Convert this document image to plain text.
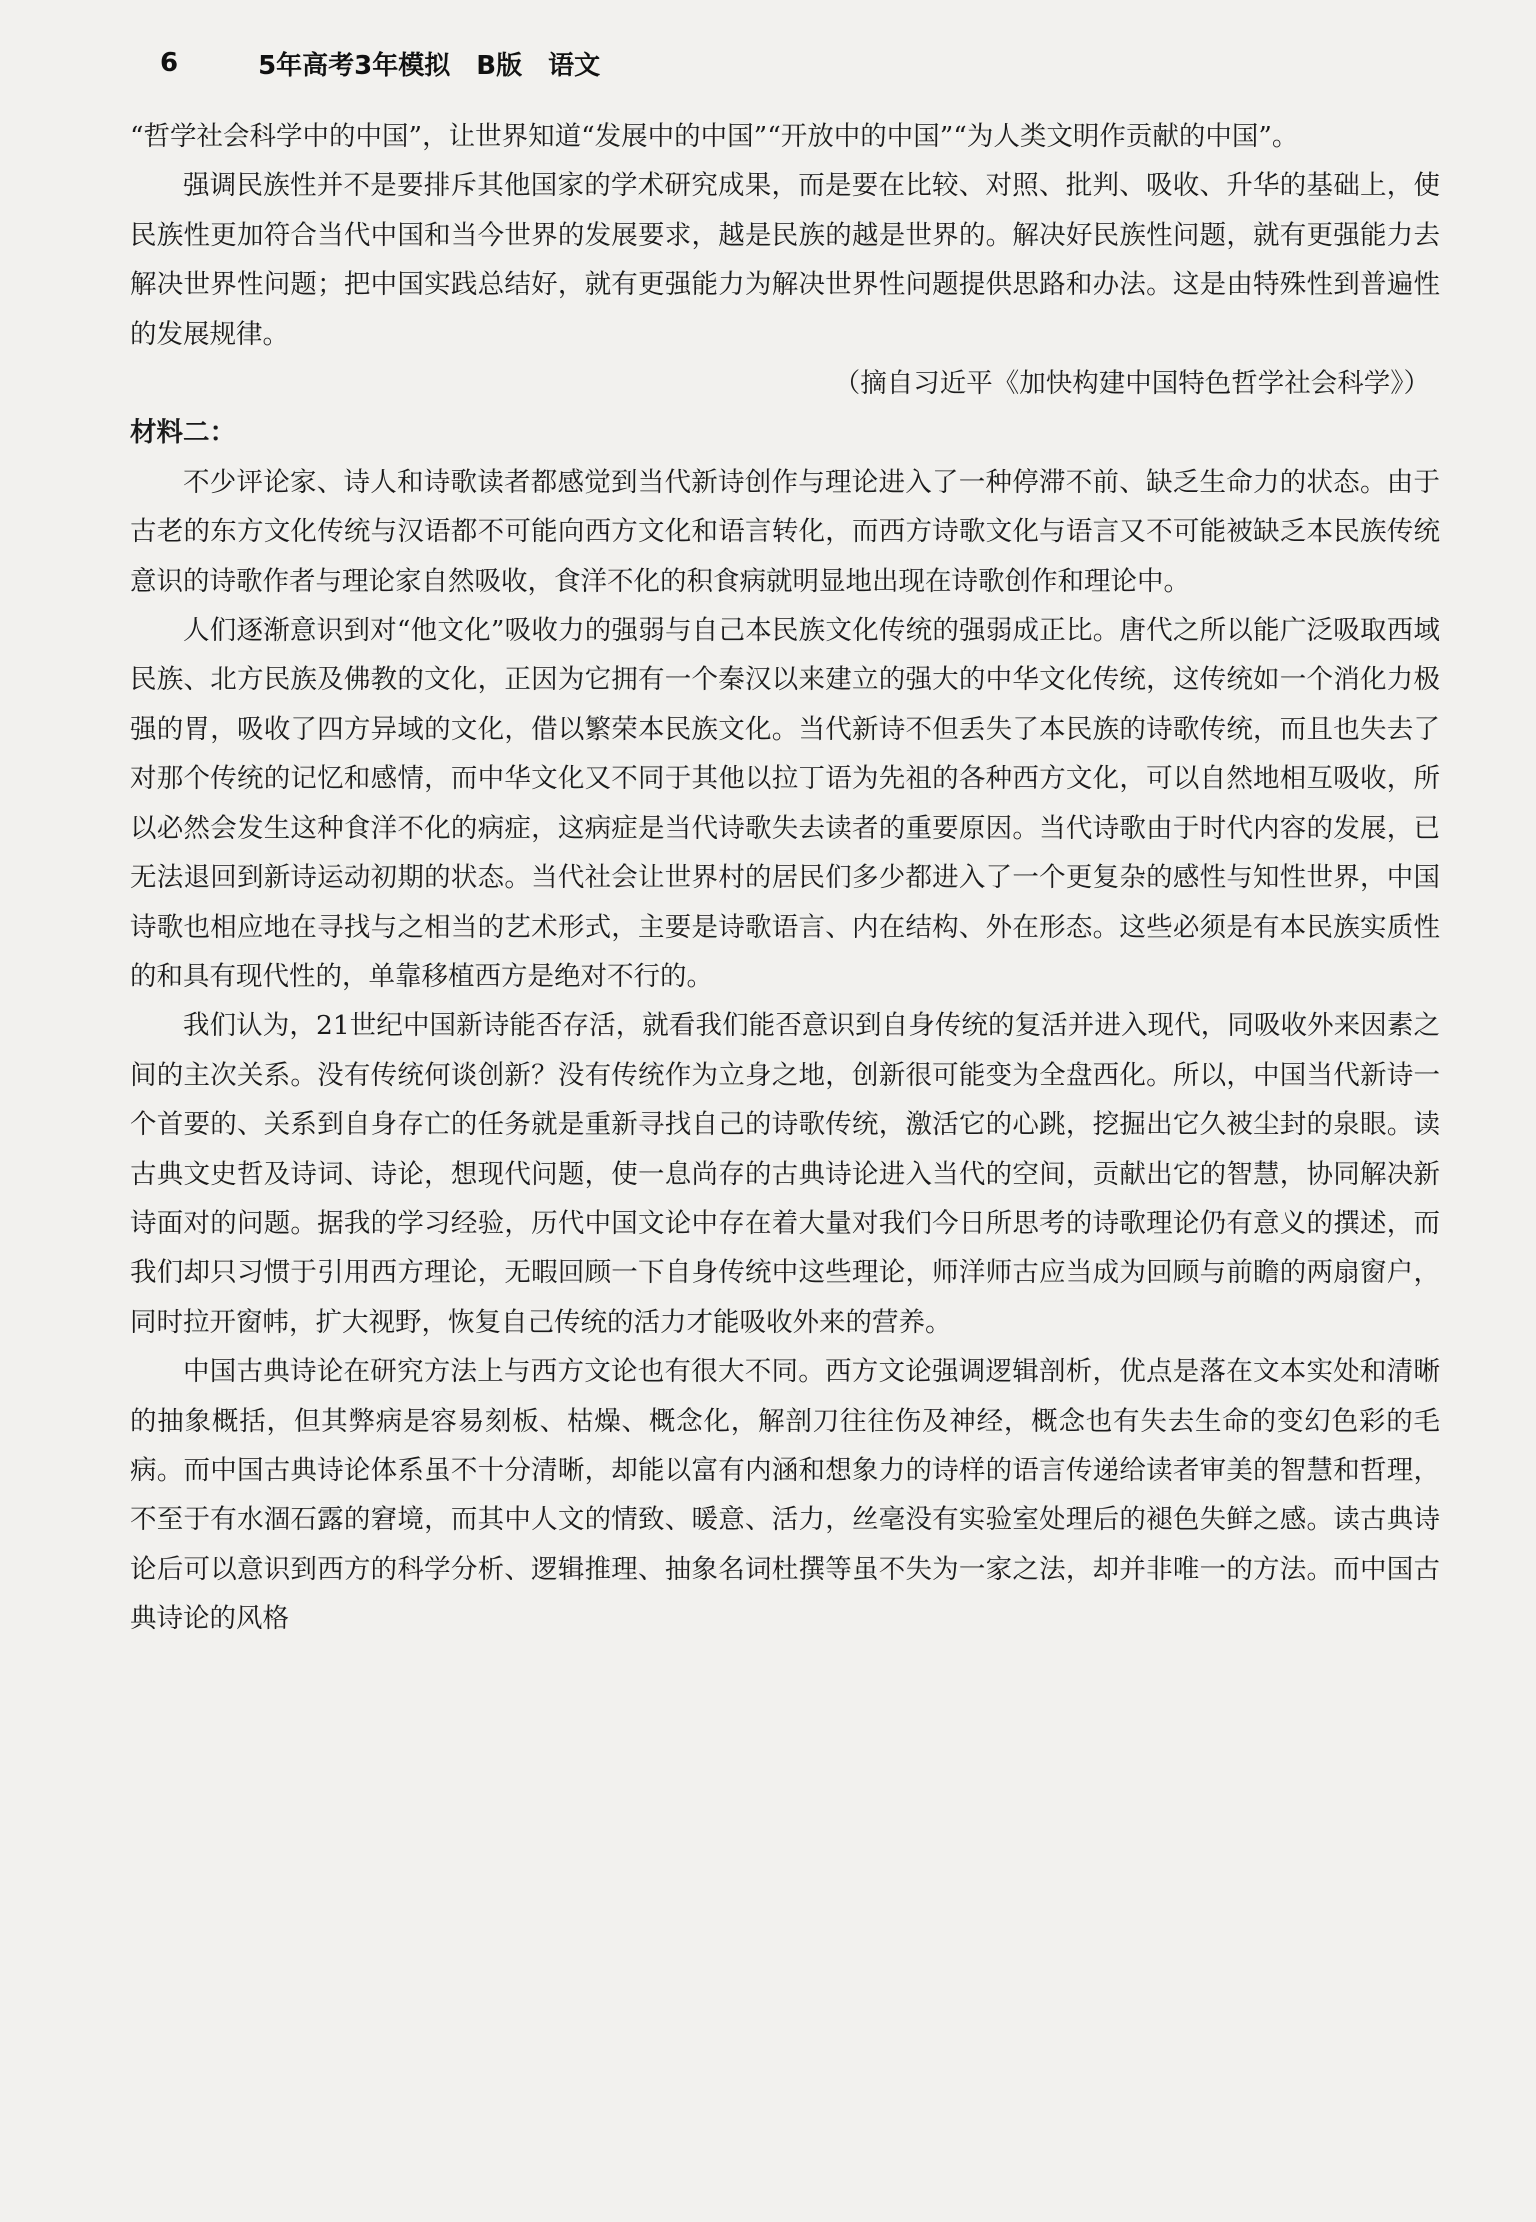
6	5年高考3年模拟 B版 语文

“哲学社会科学中的中国”，让世界知道“发展中的中国”“开放中的中国”“为人类文明作贡献的中国”。

强调民族性并不是要排斥其他国家的学术研究成果，而是要在比较、对照、批判、吸收、升华的基础上，使民族性更加符合当代中国和当今世界的发展要求，越是民族的越是世界的。解决好民族性问题，就有更强能力去解决世界性问题；把中国实践总结好，就有更强能力为解决世界性问题提供思路和办法。这是由特殊性到普遍性的发展规律。

（摘自习近平《加快构建中国特色哲学社会科学》）

材料二：

不少评论家、诗人和诗歌读者都感觉到当代新诗创作与理论进入了一种停滞不前、缺乏生命力的状态。由于古老的东方文化传统与汉语都不可能向西方文化和语言转化，而西方诗歌文化与语言又不可能被缺乏本民族传统意识的诗歌作者与理论家自然吸收，食洋不化的积食病就明显地出现在诗歌创作和理论中。

人们逐渐意识到对“他文化”吸收力的强弱与自己本民族文化传统的强弱成正比。唐代之所以能广泛吸取西域民族、北方民族及佛教的文化，正因为它拥有一个秦汉以来建立的强大的中华文化传统，这传统如一个消化力极强的胃，吸收了四方异域的文化，借以繁荣本民族文化。当代新诗不但丢失了本民族的诗歌传统，而且也失去了对那个传统的记忆和感情，而中华文化又不同于其他以拉丁语为先祖的各种西方文化，可以自然地相互吸收，所以必然会发生这种食洋不化的病症，这病症是当代诗歌失去读者的重要原因。当代诗歌由于时代内容的发展，已无法退回到新诗运动初期的状态。当代社会让世界村的居民们多少都进入了一个更复杂的感性与知性世界，中国诗歌也相应地在寻找与之相当的艺术形式，主要是诗歌语言、内在结构、外在形态。这些必须是有本民族实质性的和具有现代性的，单靠移植西方是绝对不行的。

我们认为，21世纪中国新诗能否存活，就看我们能否意识到自身传统的复活并进入现代，同吸收外来因素之间的主次关系。没有传统何谈创新？没有传统作为立身之地，创新很可能变为全盘西化。所以，中国当代新诗一个首要的、关系到自身存亡的任务就是重新寻找自己的诗歌传统，激活它的心跳，挖掘出它久被尘封的泉眼。读古典文史哲及诗词、诗论，想现代问题，使一息尚存的古典诗论进入当代的空间，贡献出它的智慧，协同解决新诗面对的问题。据我的学习经验，历代中国文论中存在着大量对我们今日所思考的诗歌理论仍有意义的撰述，而我们却只习惯于引用西方理论，无暇回顾一下自身传统中这些理论，师洋师古应当成为回顾与前瞻的两扇窗户，同时拉开窗帏，扩大视野，恢复自己传统的活力才能吸收外来的营养。

中国古典诗论在研究方法上与西方文论也有很大不同。西方文论强调逻辑剖析，优点是落在文本实处和清晰的抽象概括，但其弊病是容易刻板、枯燥、概念化，解剖刀往往伤及神经，概念也有失去生命的变幻色彩的毛病。而中国古典诗论体系虽不十分清晰，却能以富有内涵和想象力的诗样的语言传递给读者审美的智慧和哲理，不至于有水涸石露的窘境，而其中人文的情致、暖意、活力，丝毫没有实验室处理后的褪色失鲜之感。读古典诗论后可以意识到西方的科学分析、逻辑推理、抽象名词杜撰等虽不失为一家之法，却并非唯一的方法。而中国古典诗论的风格
